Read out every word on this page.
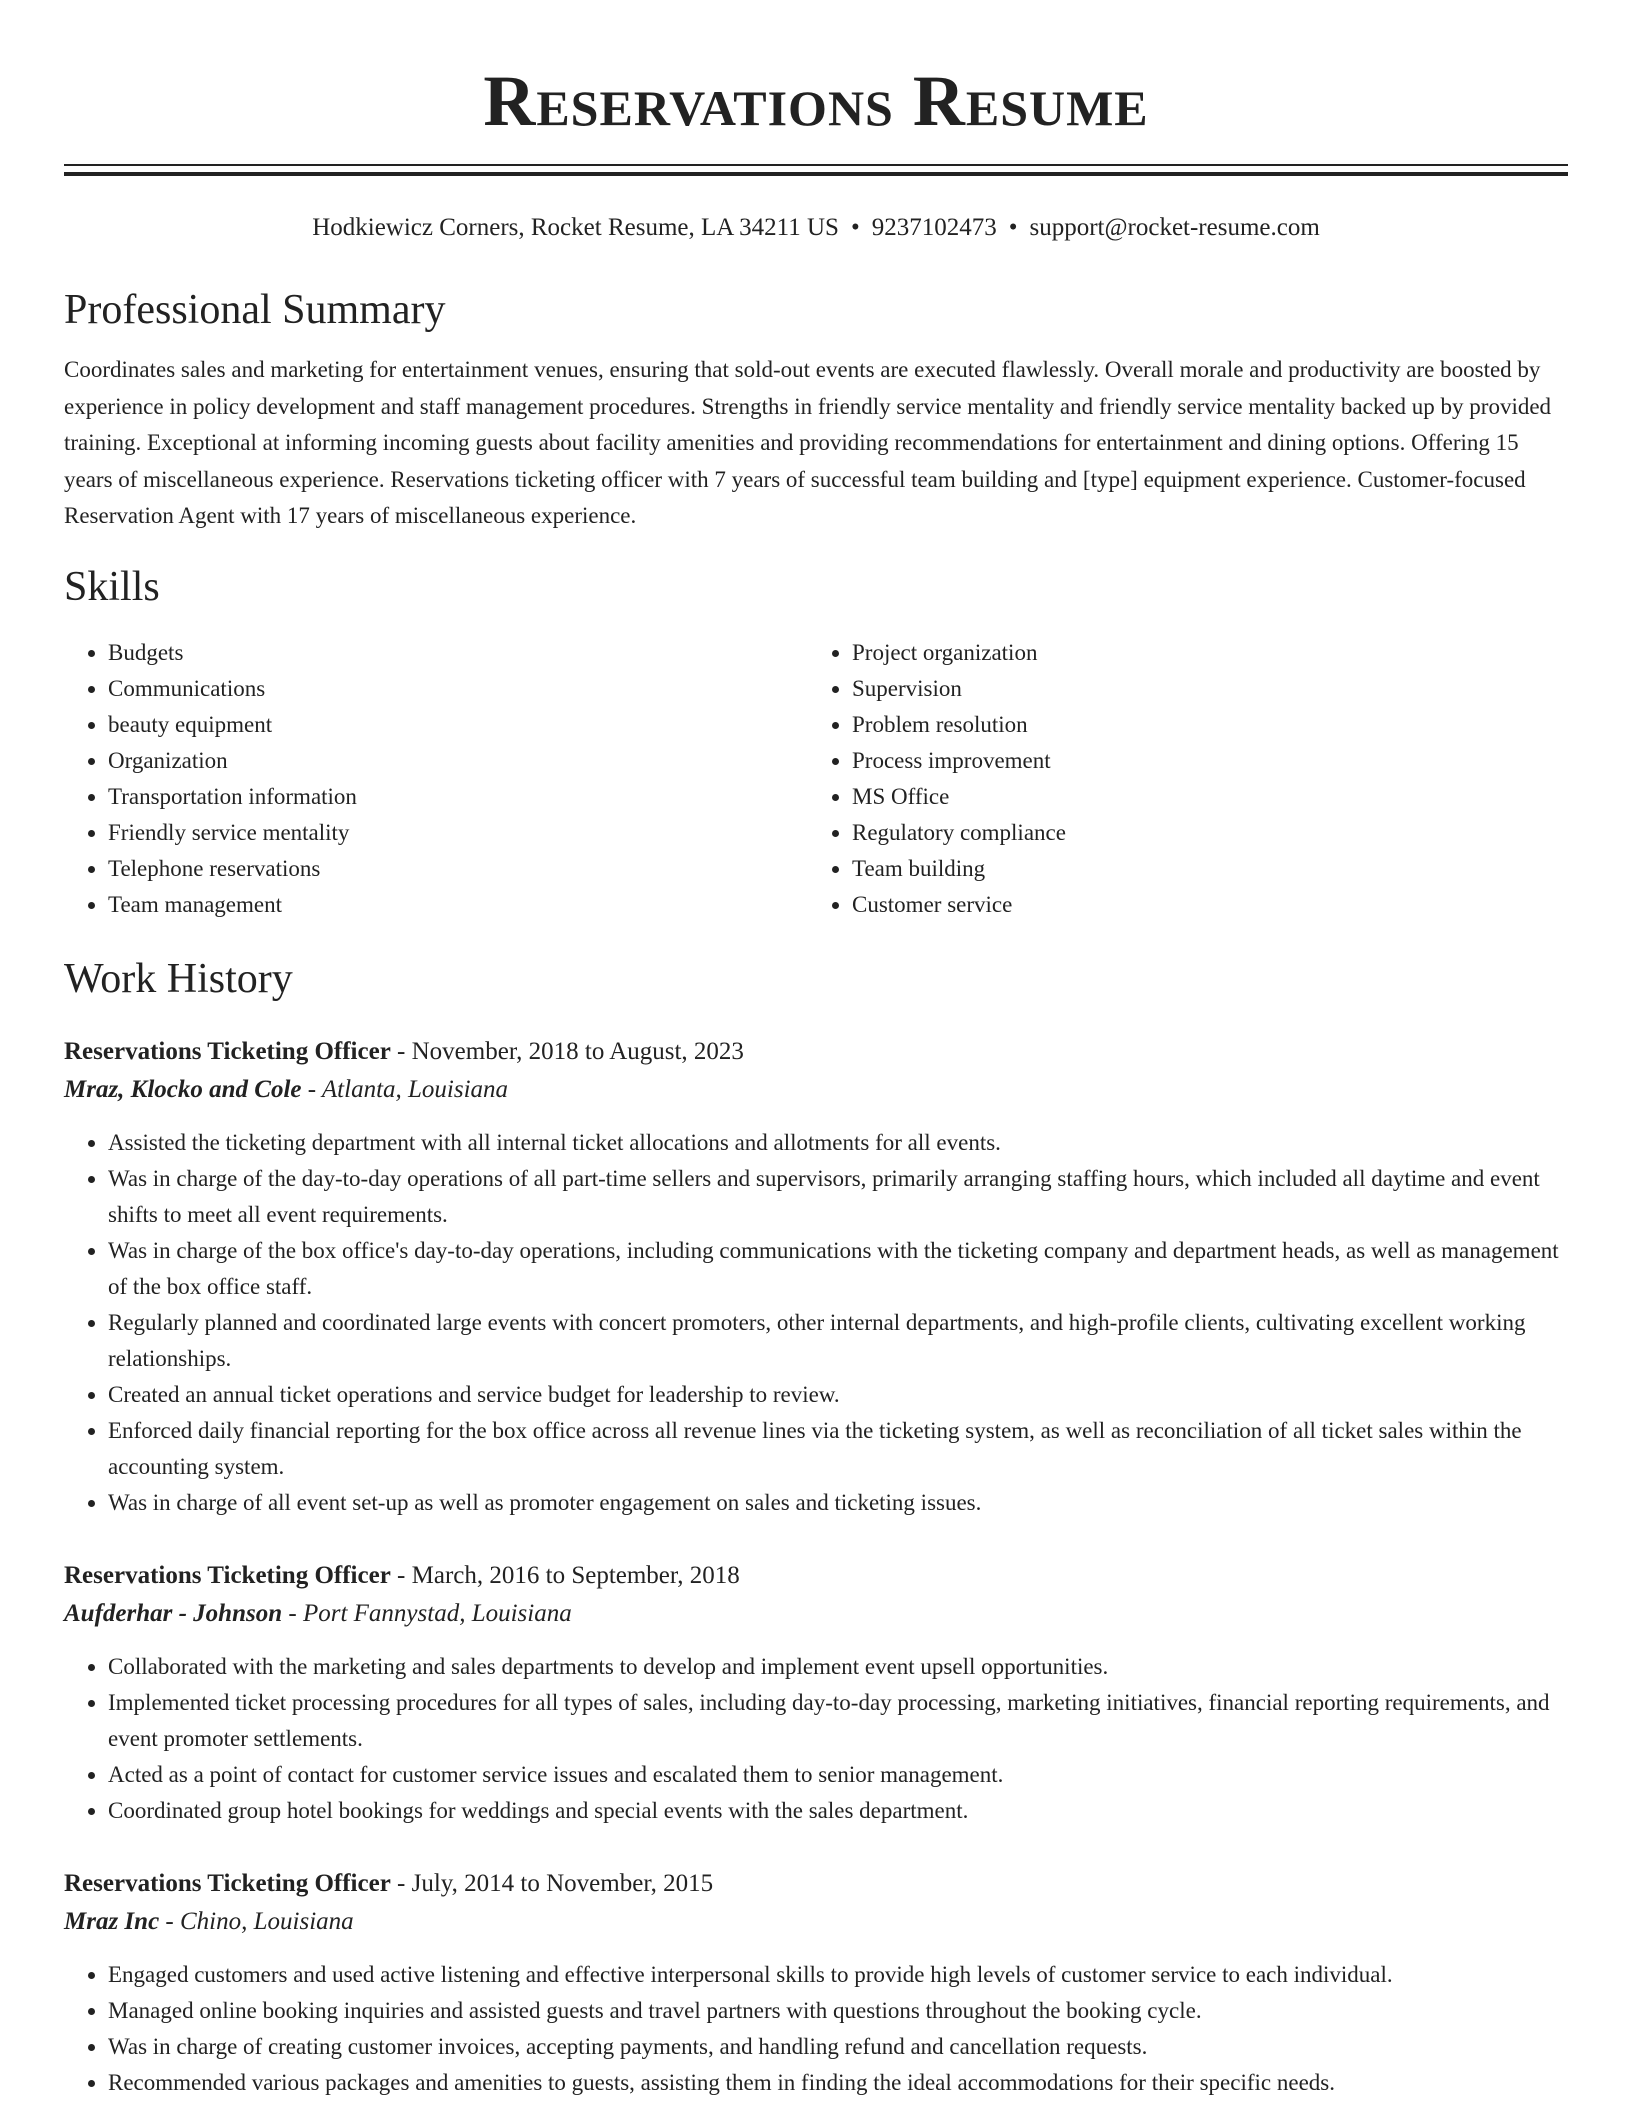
Reservations Resume
Hodkiewicz Corners, Rocket Resume, LA 34211 US • 9237102473 • support@rocket-resume.com
Professional Summary

Coordinates sales and marketing for entertainment venues, ensuring that sold-out events are executed flawlessly. Overall morale and productivity are boosted by experience in policy development and staff management procedures. Strengths in friendly service mentality and friendly service mentality backed up by provided training. Exceptional at informing incoming guests about facility amenities and providing recommendations for entertainment and dining options. Offering 15 years of miscellaneous experience. Reservations ticketing officer with 7 years of successful team building and [type] equipment experience. Customer-focused Reservation Agent with 17 years of miscellaneous experience.

Skills
• Budgets
• Communications
• beauty equipment
• Organization
• Transportation information
• Friendly service mentality
• Telephone reservations
• Team management
• Project organization
• Supervision
• Problem resolution
• Process improvement
• MS Office
• Regulatory compliance
• Team building
• Customer service
Work History
Reservations Ticketing Officer - November, 2018 to August, 2023
Mraz, Klocko and Cole - Atlanta, Louisiana
• Assisted the ticketing department with all internal ticket allocations and allotments for all events.
• Was in charge of the day-to-day operations of all part-time sellers and supervisors, primarily arranging staffing hours, which included all daytime and event shifts to meet all event requirements.
• Was in charge of the box office's day-to-day operations, including communications with the ticketing company and department heads, as well as management of the box office staff.
• Regularly planned and coordinated large events with concert promoters, other internal departments, and high-profile clients, cultivating excellent working relationships.
• Created an annual ticket operations and service budget for leadership to review.
• Enforced daily financial reporting for the box office across all revenue lines via the ticketing system, as well as reconciliation of all ticket sales within the accounting system.
• Was in charge of all event set-up as well as promoter engagement on sales and ticketing issues.
Reservations Ticketing Officer - March, 2016 to September, 2018
Aufderhar - Johnson - Port Fannystad, Louisiana
• Collaborated with the marketing and sales departments to develop and implement event upsell opportunities.
• Implemented ticket processing procedures for all types of sales, including day-to-day processing, marketing initiatives, financial reporting requirements, and event promoter settlements.
• Acted as a point of contact for customer service issues and escalated them to senior management.
• Coordinated group hotel bookings for weddings and special events with the sales department.
Reservations Ticketing Officer - July, 2014 to November, 2015
Mraz Inc - Chino, Louisiana
• Engaged customers and used active listening and effective interpersonal skills to provide high levels of customer service to each individual.
• Managed online booking inquiries and assisted guests and travel partners with questions throughout the booking cycle.
• Was in charge of creating customer invoices, accepting payments, and handling refund and cancellation requests.
• Recommended various packages and amenities to guests, assisting them in finding the ideal accommodations for their specific needs.
